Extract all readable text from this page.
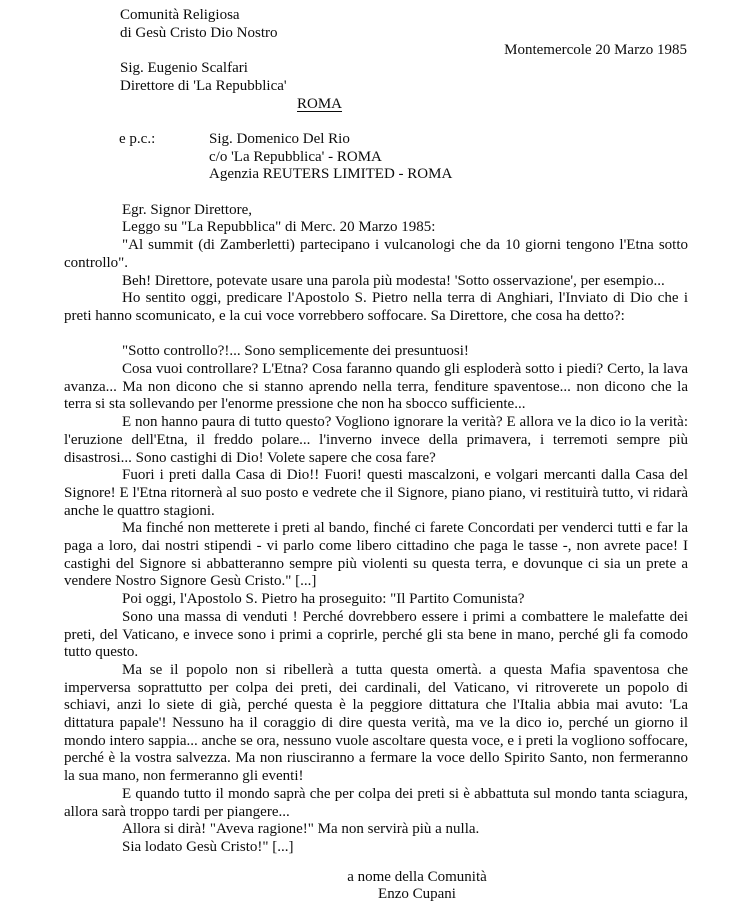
Comunità Religiosa
di Gesù Cristo Dio Nostro
Montemercole 20 Marzo 1985
Sig. Eugenio Scalfari
Direttore di 'La Repubblica'
ROMA
e p.c.:	Sig. Domenico Del Rio
c/o 'La Repubblica' - ROMA
Agenzia REUTERS LIMITED - ROMA

Egr. Signor Direttore,

Leggo su "La Repubblica" di Merc. 20 Marzo 1985:

"Al summit (di Zamberletti) partecipano i vulcanologi che da 10 giorni tengono l'Etna sotto controllo".

Beh! Direttore, potevate usare una parola più modesta! 'Sotto osservazione', per esempio...

Ho sentito oggi, predicare l'Apostolo S. Pietro nella terra di Anghiari, l'Inviato di Dio che i preti hanno scomunicato, e la cui voce vorrebbero soffocare. Sa Direttore, che cosa ha detto?:

"Sotto controllo?!... Sono semplicemente dei presuntuosi!

Cosa vuoi controllare? L'Etna? Cosa faranno quando gli esploderà sotto i piedi? Certo, la lava avanza... Ma non dicono che si stanno aprendo nella terra, fenditure spaventose... non dicono che la terra si sta sollevando per l'enorme pressione che non ha sbocco sufficiente...

E non hanno paura di tutto questo? Vogliono ignorare la verità? E allora ve la dico io la verità: l'eruzione dell'Etna, il freddo polare... l'inverno invece della primavera, i terremoti sempre più disastrosi... Sono castighi di Dio! Volete sapere che cosa fare?

Fuori i preti dalla Casa di Dio!! Fuori! questi mascalzoni, e volgari mercanti dalla Casa del Signore! E l'Etna ritornerà al suo posto e vedrete che il Signore, piano piano, vi restituirà tutto, vi ridarà anche le quattro stagioni.

Ma finché non metterete i preti al bando, finché ci farete Concordati per venderci tutti e far la paga a loro, dai nostri stipendi - vi parlo come libero cittadino che paga le tasse -, non avrete pace! I castighi del Signore si abbatteranno sempre più violenti su questa terra, e dovunque ci sia un prete a vendere Nostro Signore Gesù Cristo." [...]

Poi oggi, l'Apostolo S. Pietro ha proseguito: "Il Partito Comunista?

Sono una massa di venduti ! Perché dovrebbero essere i primi a combattere le malefatte dei preti, del Vaticano, e invece sono i primi a coprirle, perché gli sta bene in mano, perché gli fa comodo tutto questo.

Ma se il popolo non si ribellerà a tutta questa omertà. a questa Mafia spaventosa che imperversa soprattutto per colpa dei preti, dei cardinali, del Vaticano, vi ritroverete un popolo di schiavi, anzi lo siete di già, perché questa è la peggiore dittatura che l'Italia abbia mai avuto: 'La dittatura papale'! Nessuno ha il coraggio di dire questa verità, ma ve la dico io, perché un giorno il mondo intero sappia... anche se ora, nessuno vuole ascoltare questa voce, e i preti la vogliono soffocare, perché è la vostra salvezza. Ma non riusciranno a fermare la voce dello Spirito Santo, non fermeranno la sua mano, non fermeranno gli eventi!

E quando tutto il mondo saprà che per colpa dei preti si è abbattuta sul mondo tanta sciagura, allora sarà troppo tardi per piangere...

Allora si dirà! "Aveva ragione!" Ma non servirà più a nulla.

Sia lodato Gesù Cristo!" [...]

a nome della Comunità
Enzo Cupani
